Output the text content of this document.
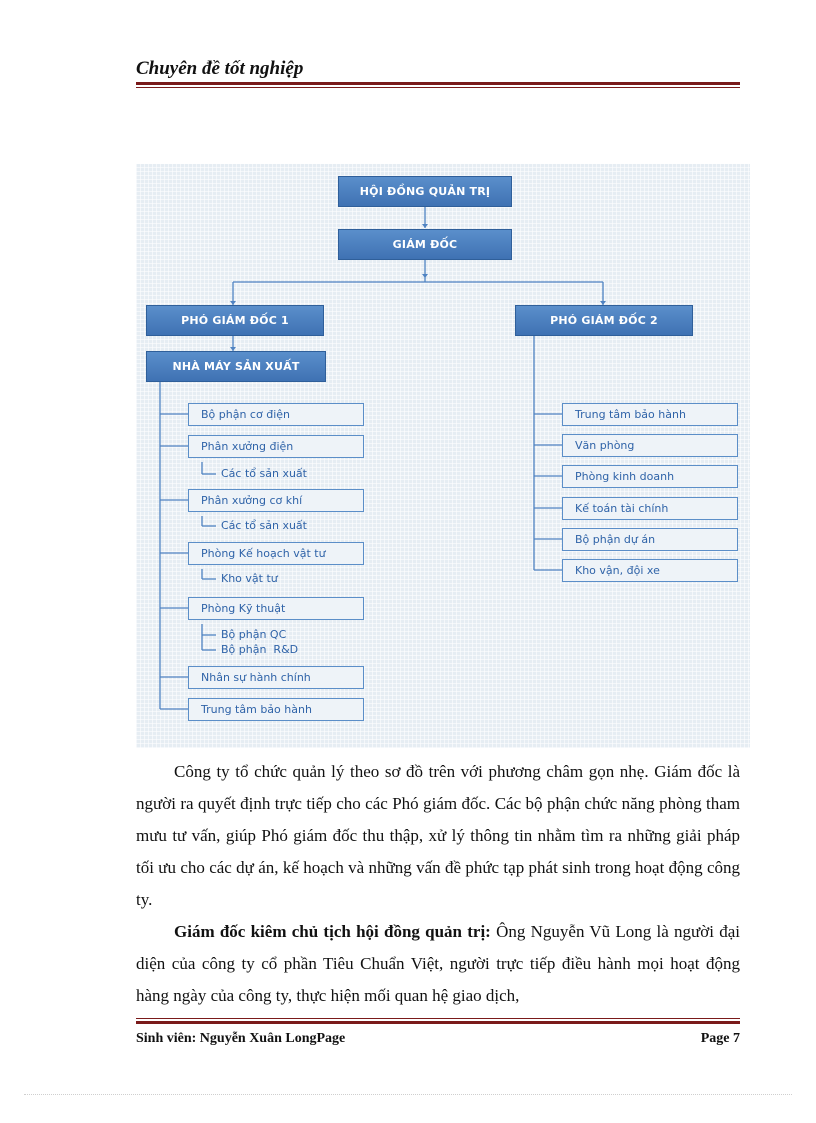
Chuyên đề tốt nghiệp
HỘI ĐỒNG QUẢN TRỊ
GIÁM ĐỐC
PHÓ GIÁM ĐỐC 1	PHÓ GIÁM ĐỐC 2
NHÀ MÁY SẢN XUẤT
Bộ phận cơ điện
Phân xưởng điện
Các tổ sản xuất
Phân xưởng cơ khí
Các tổ sản xuất
Phòng Kế hoạch vật tư
Kho vật tư
Phòng Kỹ thuật
Bộ phận QC
Bộ phận  R&D
Nhân sự hành chính
Trung tâm bảo hành
Trung tâm bảo hành
Văn phòng
Phòng kinh doanh
Kế toán tài chính
Bộ phận dự án
Kho vận, đội xe

Công ty tổ chức quản lý theo sơ đồ trên với phương châm gọn nhẹ. Giám đốc là người ra quyết định trực tiếp cho các Phó giám đốc. Các bộ phận chức năng phòng tham mưu tư vấn, giúp Phó giám đốc thu thập, xử lý thông tin nhằm tìm ra những giải pháp tối ưu cho các dự án, kế hoạch và những vấn đề phức tạp phát sinh trong hoạt động công ty.

Giám đốc kiêm chủ tịch hội đồng quản trị: Ông Nguyễn Vũ Long là người đại diện của công ty cổ phần Tiêu Chuẩn Việt, người trực tiếp điều hành mọi hoạt động hàng ngày của công ty, thực hiện mối quan hệ giao dịch,

Sinh viên: Nguyễn Xuân LongPage	Page 7
